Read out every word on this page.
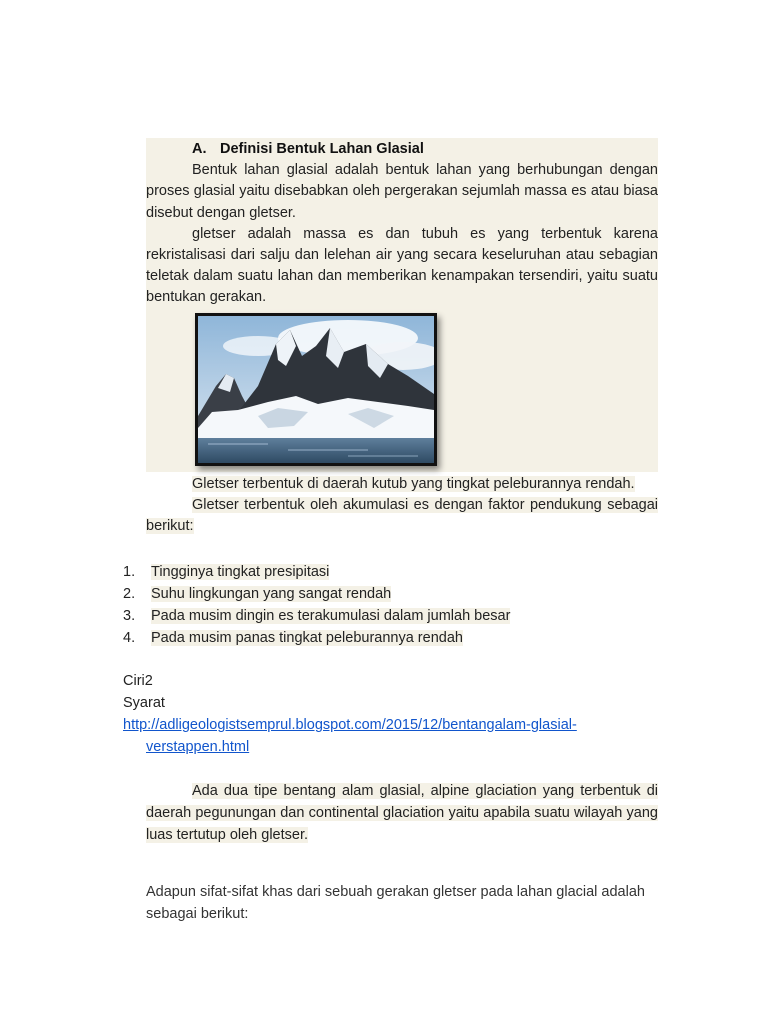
A. Definisi Bentuk Lahan Glasial

Bentuk lahan glasial adalah bentuk lahan yang berhubungan dengan proses glasial yaitu disebabkan oleh pergerakan sejumlah massa es atau biasa disebut dengan gletser.

gletser adalah massa es dan tubuh es yang terbentuk karena rekristalisasi dari salju dan lelehan air yang secara keseluruhan atau sebagian teletak dalam suatu lahan dan memberikan kenampakan tersendiri, yaitu suatu bentukan gerakan.

Gletser terbentuk di daerah kutub yang tingkat peleburannya rendah.

Gletser terbentuk oleh akumulasi es dengan faktor pendukung sebagai berikut:

1. Tingginya tingkat presipitasi
2. Suhu lingkungan yang sangat rendah
3. Pada musim dingin es terakumulasi dalam jumlah besar
4. Pada musim panas tingkat peleburannya rendah
Ciri2
Syarat
http://adligeologistsemprul.blogspot.com/2015/12/bentangalam-glasial-
verstappen.html

Ada dua tipe bentang alam glasial, alpine glaciation yang terbentuk di daerah pegunungan dan continental glaciation yaitu apabila suatu wilayah yang luas tertutup oleh gletser.

Adapun sifat-sifat khas dari sebuah gerakan gletser pada lahan glacial adalah sebagai berikut:
